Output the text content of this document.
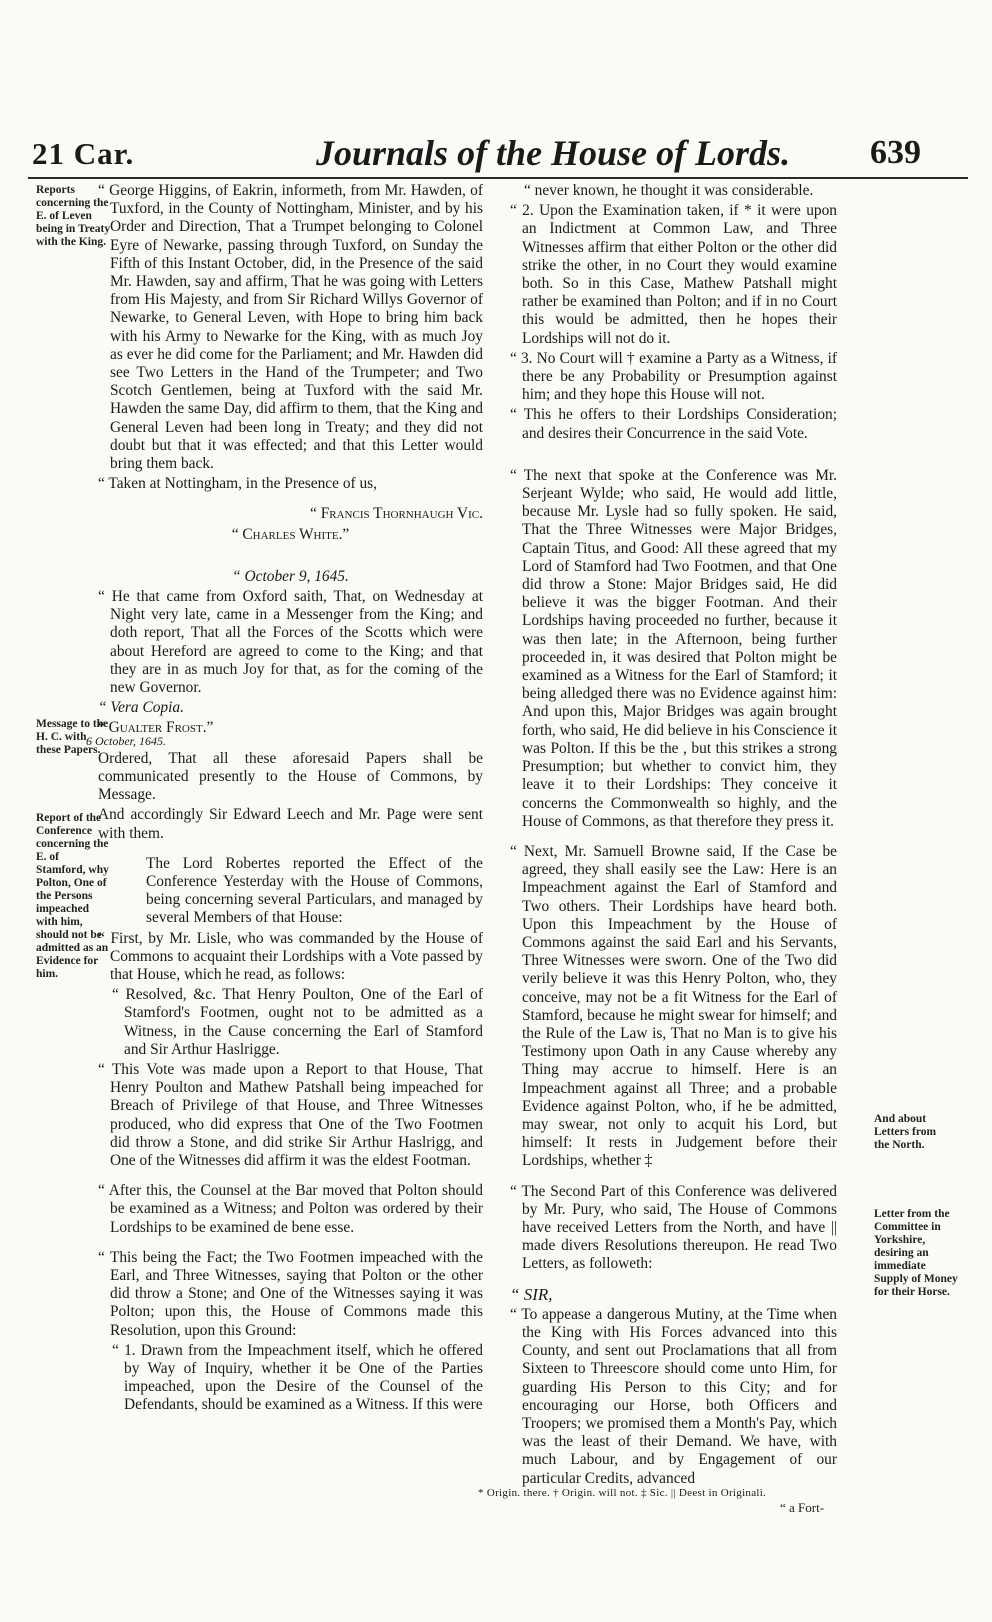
21 Car.	Journals of the House of Lords. 639
Reports concerning the E. of Leven being in Treaty with the King.
6 October, 1645.
Message to the H. C. with these Papers.
Report of the Conference concerning the E. of Stamford, why Polton, One of the Persons impeached with him, should not be admitted as an Evidence for him.
And about Letters from the North.
Letter from the Committee in Yorkshire, desiring an immediate Supply of Money for their Horse.

“ George Higgins, of Eakrin, informeth, from Mr. Hawden, of Tuxford, in the County of Nottingham, Minister, and by his Order and Direction, That a Trumpet belonging to Colonel Eyre of Newarke, passing through Tuxford, on Sunday the Fifth of this Instant October, did, in the Presence of the said Mr. Hawden, say and affirm, That he was going with Letters from His Majesty, and from Sir Richard Willys Governor of Newarke, to General Leven, with Hope to bring him back with his Army to Newarke for the King, with as much Joy as ever he did come for the Parliament; and Mr. Hawden did see Two Letters in the Hand of the Trumpeter; and Two Scotch Gentlemen, being at Tuxford with the said Mr. Hawden the same Day, did affirm to them, that the King and General Leven had been long in Treaty; and they did not doubt but that it was effected; and that this Letter would bring them back.

“ Taken at Nottingham, in the Presence of us,

“ Francis Thornhaugh Vic.

“ Charles White.”

“ October 9, 1645.

“ He that came from Oxford saith, That, on Wednesday at Night very late, came in a Messenger from the King; and doth report, That all the Forces of the Scotts which were about Hereford are agreed to come to the King; and that they are in as much Joy for that, as for the coming of the new Governor.

“ Vera Copia.

“ Gualter Frost.”

Ordered, That all these aforesaid Papers shall be communicated presently to the House of Commons, by Message.

And accordingly Sir Edward Leech and Mr. Page were sent with them.

The Lord Robertes reported the Effect of the Conference Yesterday with the House of Commons, being concerning several Particulars, and managed by several Members of that House:

“ First, by Mr. Lisle, who was commanded by the House of Commons to acquaint their Lordships with a Vote passed by that House, which he read, as follows:

“ Resolved, &c. That Henry Poulton, One of the Earl of Stamford's Footmen, ought not to be admitted as a Witness, in the Cause concerning the Earl of Stamford and Sir Arthur Haslrigge.

“ This Vote was made upon a Report to that House, That Henry Poulton and Mathew Patshall being impeached for Breach of Privilege of that House, and Three Witnesses produced, who did express that One of the Two Footmen did throw a Stone, and did strike Sir Arthur Haslrigg, and One of the Witnesses did affirm it was the eldest Footman.

“ After this, the Counsel at the Bar moved that Polton should be examined as a Witness; and Polton was ordered by their Lordships to be examined de bene esse.

“ This being the Fact; the Two Footmen impeached with the Earl, and Three Witnesses, saying that Polton or the other did throw a Stone; and One of the Witnesses saying it was Polton; upon this, the House of Commons made this Resolution, upon this Ground:

“ 1. Drawn from the Impeachment itself, which he offered by Way of Inquiry, whether it be One of the Parties impeached, upon the Desire of the Counsel of the Defendants, should be examined as a Witness. If this were

“ never known, he thought it was considerable.

“ 2. Upon the Examination taken, if * it were upon an Indictment at Common Law, and Three Witnesses affirm that either Polton or the other did strike the other, in no Court they would examine both. So in this Case, Mathew Patshall might rather be examined than Polton; and if in no Court this would be admitted, then he hopes their Lordships will not do it.

“ 3. No Court will † examine a Party as a Witness, if there be any Probability or Presumption against him; and they hope this House will not.

“ This he offers to their Lordships Consideration; and desires their Concurrence in the said Vote.

“ The next that spoke at the Conference was Mr. Serjeant Wylde; who said, He would add little, because Mr. Lysle had so fully spoken. He said, That the Three Witnesses were Major Bridges, Captain Titus, and Good: All these agreed that my Lord of Stamford had Two Footmen, and that One did throw a Stone: Major Bridges said, He did believe it was the bigger Footman. And their Lordships having proceeded no further, because it was then late; in the Afternoon, being further proceeded in, it was desired that Polton might be examined as a Witness for the Earl of Stamford; it being alledged there was no Evidence against him: And upon this, Major Bridges was again brought forth, who said, He did believe in his Conscience it was Polton. If this be the , but this strikes a strong Presumption; but whether to convict him, they leave it to their Lordships: They conceive it concerns the Commonwealth so highly, and the House of Commons, as that therefore they press it.

“ Next, Mr. Samuell Browne said, If the Case be agreed, they shall easily see the Law: Here is an Impeachment against the Earl of Stamford and Two others. Their Lordships have heard both. Upon this Impeachment by the House of Commons against the said Earl and his Servants, Three Witnesses were sworn. One of the Two did verily believe it was this Henry Polton, who, they conceive, may not be a fit Witness for the Earl of Stamford, because he might swear for himself; and the Rule of the Law is, That no Man is to give his Testimony upon Oath in any Cause whereby any Thing may accrue to himself. Here is an Impeachment against all Three; and a probable Evidence against Polton, who, if he be admitted, may swear, not only to acquit his Lord, but himself: It rests in Judgement before their Lordships, whether ‡

“ The Second Part of this Conference was delivered by Mr. Pury, who said, The House of Commons have received Letters from the North, and have || made divers Resolutions thereupon. He read Two Letters, as followeth:

“ SIR,

“ To appease a dangerous Mutiny, at the Time when the King with His Forces advanced into this County, and sent out Proclamations that all from Sixteen to Threescore should come unto Him, for guarding His Person to this City; and for encouraging our Horse, both Officers and Troopers; we promised them a Month's Pay, which was the least of their Demand. We have, with much Labour, and by Engagement of our particular Credits, advanced

* Origin. there. † Origin. will not. ‡ Sic. || Deest in Originali.
“ a Fort-
